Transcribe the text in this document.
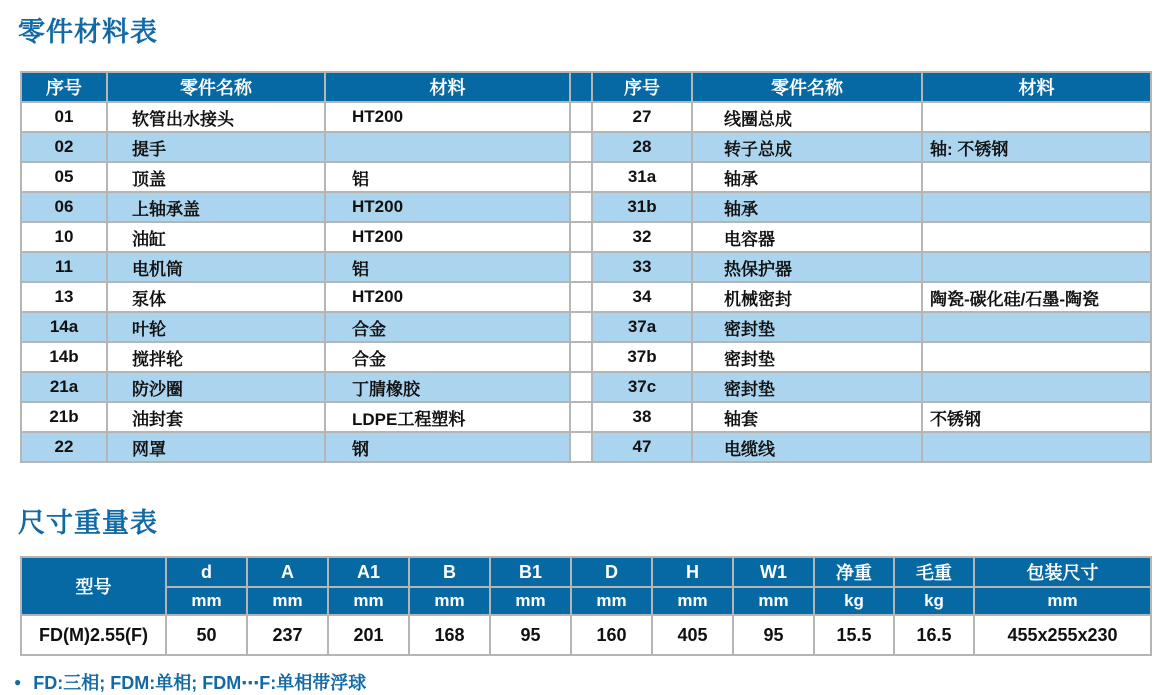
零件材料表
序号	零件名称	材料		序号	零件名称	材料
01	软管出水接头	HT200		27	线圈总成	
02	提手			28	转子总成	轴: 不锈钢
05	顶盖	铝		31a	轴承	
06	上轴承盖	HT200		31b	轴承	
10	油缸	HT200		32	电容器	
11	电机筒	铝		33	热保护器	
13	泵体	HT200		34	机械密封	陶瓷-碳化硅/石墨-陶瓷
14a	叶轮	合金		37a	密封垫	
14b	搅拌轮	合金		37b	密封垫	
21a	防沙圈	丁腈橡胶		37c	密封垫	
21b	油封套	LDPE工程塑料		38	轴套	不锈钢
22	网罩	钢		47	电缆线	
尺寸重量表
型号	d	A	A1	B	B1	D	H	W1	净重	毛重	包装尺寸
	mm	mm	mm	mm	mm	mm	mm	mm	kg	kg	mm
FD(M)2.55(F)	50	237	201	168	95	160	405	95	15.5	16.5	455x255x230
● FD:三相; FDM:单相; FDM⋯F:单相带浮球
